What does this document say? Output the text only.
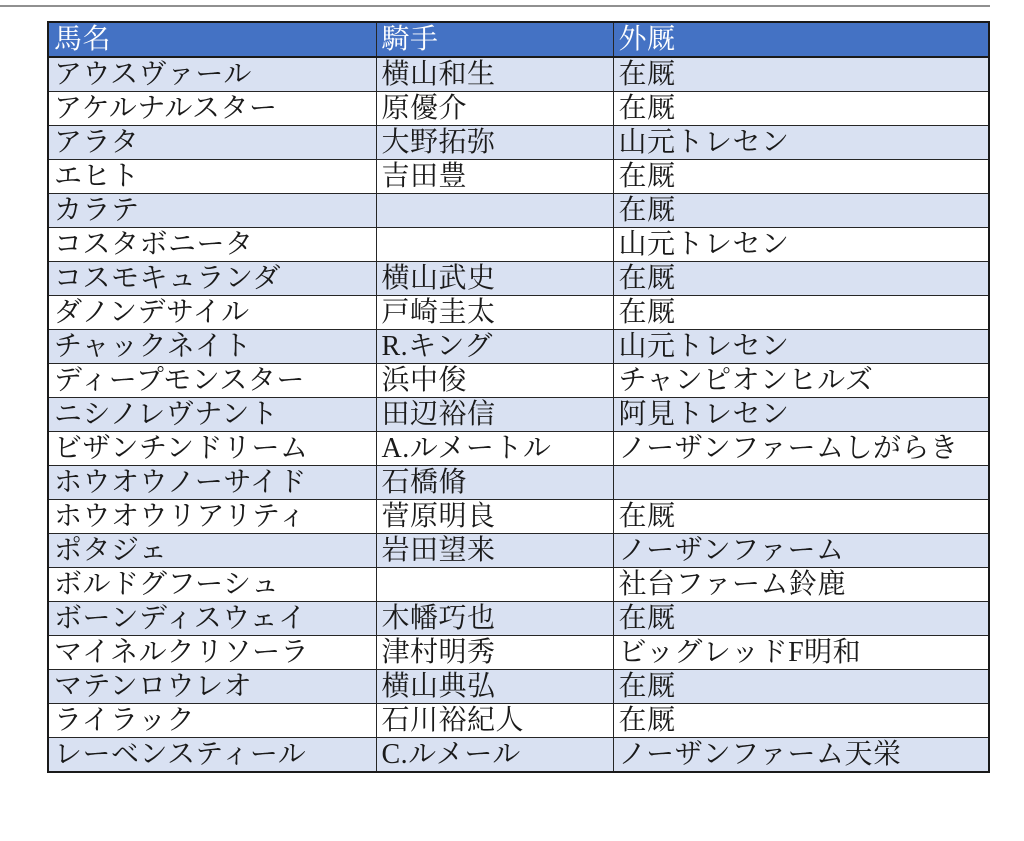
馬名	騎手	外厩
アウスヴァール	横山和生	在厩
アケルナルスター	原優介	在厩
アラタ	大野拓弥	山元トレセン
エヒト	吉田豊	在厩
カラテ		在厩
コスタボニータ		山元トレセン
コスモキュランダ	横山武史	在厩
ダノンデサイル	戸崎圭太	在厩
チャックネイト	R.キング	山元トレセン
ディープモンスター	浜中俊	チャンピオンヒルズ
ニシノレヴナント	田辺裕信	阿見トレセン
ビザンチンドリーム	A.ルメートル	ノーザンファームしがらき
ホウオウノーサイド	石橋脩	
ホウオウリアリティ	菅原明良	在厩
ポタジェ	岩田望来	ノーザンファーム
ボルドグフーシュ		社台ファーム鈴鹿
ボーンディスウェイ	木幡巧也	在厩
マイネルクリソーラ	津村明秀	ビッグレッドF明和
マテンロウレオ	横山典弘	在厩
ライラック	石川裕紀人	在厩
レーベンスティール	C.ルメール	ノーザンファーム天栄
